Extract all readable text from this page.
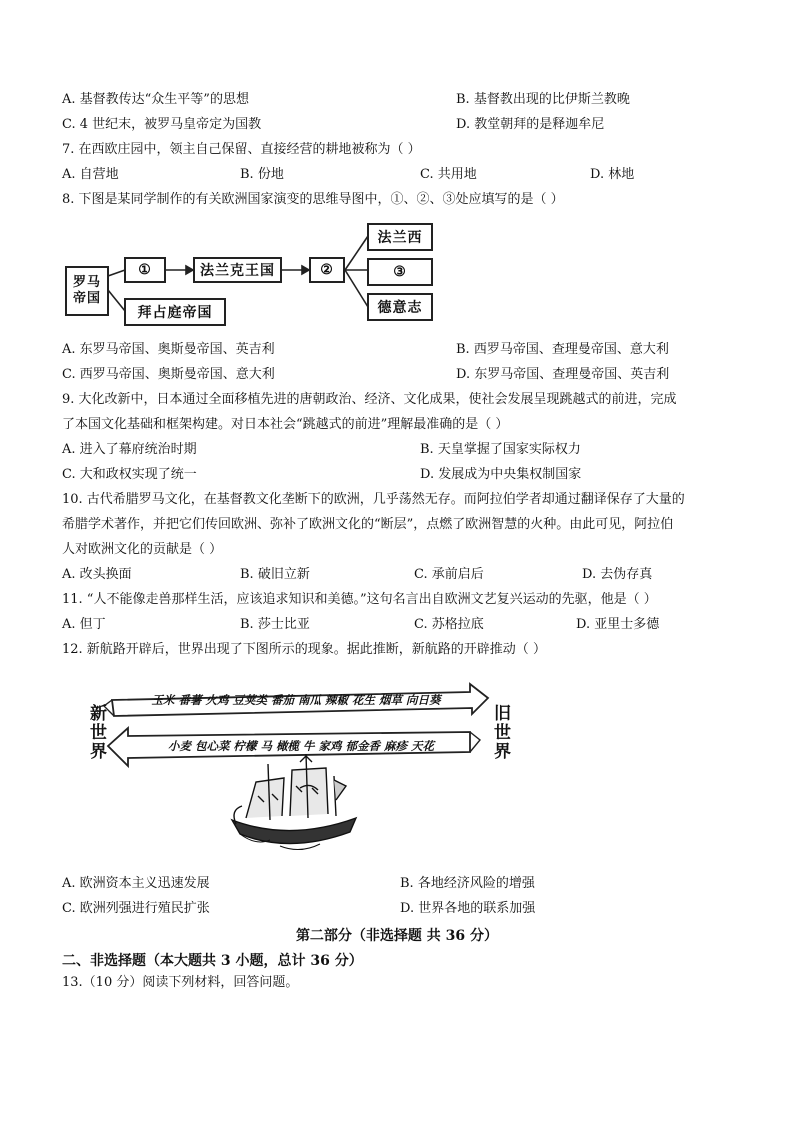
A. 基督教传达“众生平等”的思想	B. 基督教出现的比伊斯兰教晚
C. 4 世纪末，被罗马皇帝定为国教	D. 教堂朝拜的是释迦牟尼
7. 在西欧庄园中，领主自己保留、直接经营的耕地被称为（ ）
A. 自营地	B. 份地	C. 共用地	D. 林地
8. 下图是某同学制作的有关欧洲国家演变的思维导图中，①、②、③处应填写的是（ ）
罗马帝国
①	法兰克王国	②
法兰西
③
德意志
拜占庭帝国
A. 东罗马帝国、奥斯曼帝国、英吉利	B. 西罗马帝国、查理曼帝国、意大利
C. 西罗马帝国、奥斯曼帝国、意大利	D. 东罗马帝国、查理曼帝国、英吉利
9. 大化改新中，日本通过全面移植先进的唐朝政治、经济、文化成果，使社会发展呈现跳越式的前进，完成
了本国文化基础和框架构建。对日本社会“跳越式的前进”理解最准确的是（ ）
A. 进入了幕府统治时期	B. 天皇掌握了国家实际权力
C. 大和政权实现了统一	D. 发展成为中央集权制国家
10. 古代希腊罗马文化，在基督教文化垄断下的欧洲，几乎荡然无存。而阿拉伯学者却通过翻译保存了大量的
希腊学术著作，并把它们传回欧洲、弥补了欧洲文化的“断层”，点燃了欧洲智慧的火种。由此可见，阿拉伯
人对欧洲文化的贡献是（ ）
A. 改头换面	B. 破旧立新	C. 承前启后	D. 去伪存真
11. “人不能像走兽那样生活，应该追求知识和美德。”这句名言出自欧洲文艺复兴运动的先驱，他是（ ）
A. 但丁	B. 莎士比亚	C. 苏格拉底	D. 亚里士多德
12. 新航路开辟后，世界出现了下图所示的现象。据此推断，新航路的开辟推动（ ）
玉米 番薯 火鸡 豆荚类 番茄 南瓜 辣椒 花生 烟草 向日葵
小麦 包心菜 柠檬 马 橄榄 牛 家鸡 郁金香 麻疹 天花
新世界	旧世界
A. 欧洲资本主义迅速发展	B. 各地经济风险的增强
C. 欧洲列强进行殖民扩张	D. 世界各地的联系加强
第二部分（非选择题 共 36 分）
二、非选择题（本大题共 3 小题，总计 36 分）
13.（10 分）阅读下列材料，回答问题。
